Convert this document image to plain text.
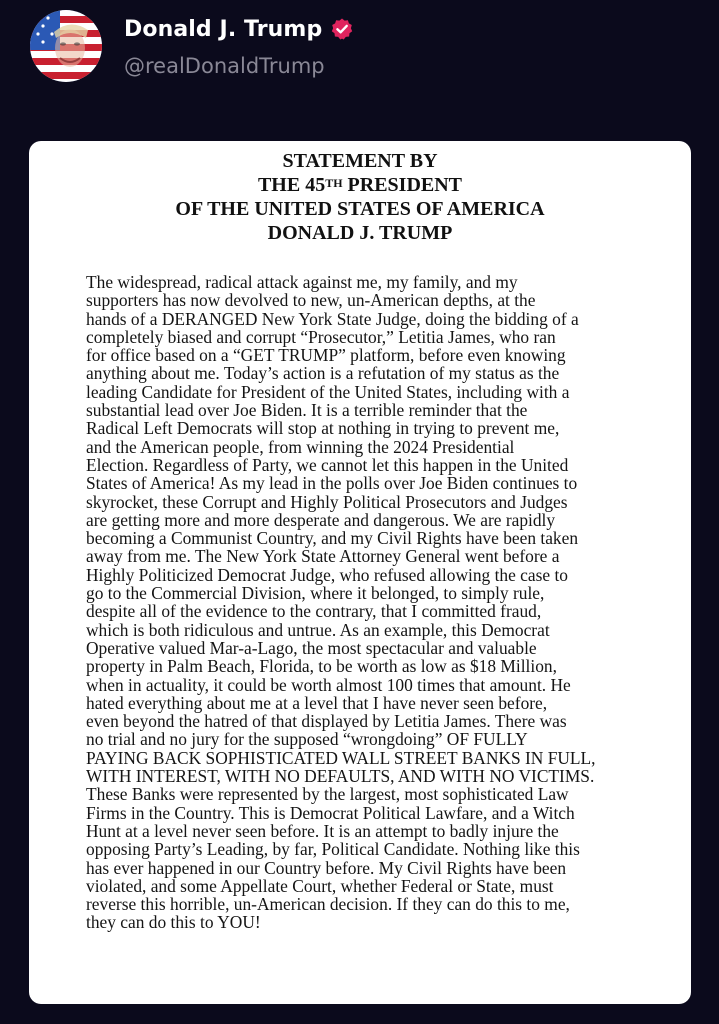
Donald J. Trump
@realDonaldTrump
STATEMENT BY
THE 45TH PRESIDENT
OF THE UNITED STATES OF AMERICA
DONALD J. TRUMP
The widespread, radical attack against me, my family, and my
supporters has now devolved to new, un-American depths, at the
hands of a DERANGED New York State Judge, doing the bidding of a
completely biased and corrupt “Prosecutor,” Letitia James, who ran
for office based on a “GET TRUMP” platform, before even knowing
anything about me. Today’s action is a refutation of my status as the
leading Candidate for President of the United States, including with a
substantial lead over Joe Biden. It is a terrible reminder that the
Radical Left Democrats will stop at nothing in trying to prevent me,
and the American people, from winning the 2024 Presidential
Election. Regardless of Party, we cannot let this happen in the United
States of America! As my lead in the polls over Joe Biden continues to
skyrocket, these Corrupt and Highly Political Prosecutors and Judges
are getting more and more desperate and dangerous. We are rapidly
becoming a Communist Country, and my Civil Rights have been taken
away from me. The New York State Attorney General went before a
Highly Politicized Democrat Judge, who refused allowing the case to
go to the Commercial Division, where it belonged, to simply rule,
despite all of the evidence to the contrary, that I committed fraud,
which is both ridiculous and untrue. As an example, this Democrat
Operative valued Mar-a-Lago, the most spectacular and valuable
property in Palm Beach, Florida, to be worth as low as $18 Million,
when in actuality, it could be worth almost 100 times that amount. He
hated everything about me at a level that I have never seen before,
even beyond the hatred of that displayed by Letitia James. There was
no trial and no jury for the supposed “wrongdoing” OF FULLY
PAYING BACK SOPHISTICATED WALL STREET BANKS IN FULL,
WITH INTEREST, WITH NO DEFAULTS, AND WITH NO VICTIMS.
These Banks were represented by the largest, most sophisticated Law
Firms in the Country. This is Democrat Political Lawfare, and a Witch
Hunt at a level never seen before. It is an attempt to badly injure the
opposing Party’s Leading, by far, Political Candidate. Nothing like this
has ever happened in our Country before. My Civil Rights have been
violated, and some Appellate Court, whether Federal or State, must
reverse this horrible, un-American decision. If they can do this to me,
they can do this to YOU!
